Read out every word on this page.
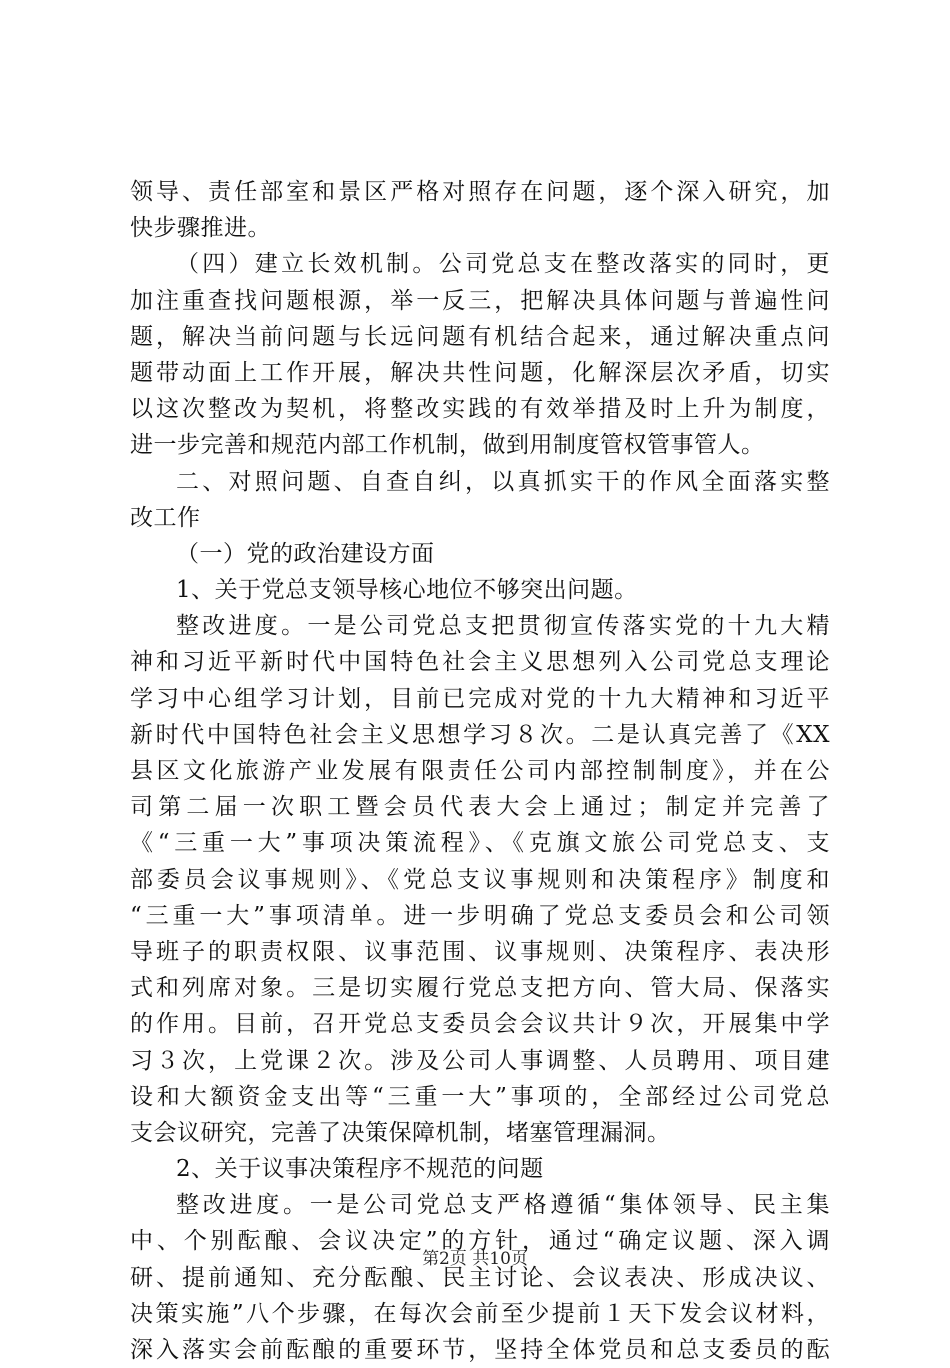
领导、责任部室和景区严格对照存在问题，逐个深入研究，加
快步骤推进。
（四）建立长效机制。公司党总支在整改落实的同时，更
加注重查找问题根源，举一反三，把解决具体问题与普遍性问
题，解决当前问题与长远问题有机结合起来，通过解决重点问
题带动面上工作开展，解决共性问题，化解深层次矛盾，切实
以这次整改为契机，将整改实践的有效举措及时上升为制度，
进一步完善和规范内部工作机制，做到用制度管权管事管人。
二、对照问题、自查自纠，以真抓实干的作风全面落实整
改工作
（一）党的政治建设方面
1、关于党总支领导核心地位不够突出问题。
整改进度。一是公司党总支把贯彻宣传落实党的十九大精
神和习近平新时代中国特色社会主义思想列入公司党总支理论
学习中心组学习计划，目前已完成对党的十九大精神和习近平
新时代中国特色社会主义思想学习８次。二是认真完善了《XX
县区文化旅游产业发展有限责任公司内部控制制度》，并在公
司第二届一次职工暨会员代表大会上通过；制定并完善了
《“三重一大”事项决策流程》、《克旗文旅公司党总支、支
部委员会议事规则》、《党总支议事规则和决策程序》制度和
“三重一大”事项清单。进一步明确了党总支委员会和公司领
导班子的职责权限、议事范围、议事规则、决策程序、表决形
式和列席对象。三是切实履行党总支把方向、管大局、保落实
的作用。目前，召开党总支委员会会议共计９次，开展集中学
习３次，上党课２次。涉及公司人事调整、人员聘用、项目建
设和大额资金支出等“三重一大”事项的，全部经过公司党总
支会议研究，完善了决策保障机制，堵塞管理漏洞。
2、关于议事决策程序不规范的问题
整改进度。一是公司党总支严格遵循“集体领导、民主集
中、个别酝酿、会议决定”的方针，通过“确定议题、深入调
研、提前通知、充分酝酿、民主讨论、会议表决、形成决议、
决策实施”八个步骤，在每次会前至少提前１天下发会议材料，
深入落实会前酝酿的重要环节，坚持全体党员和总支委员的酝
第2页 共10页
